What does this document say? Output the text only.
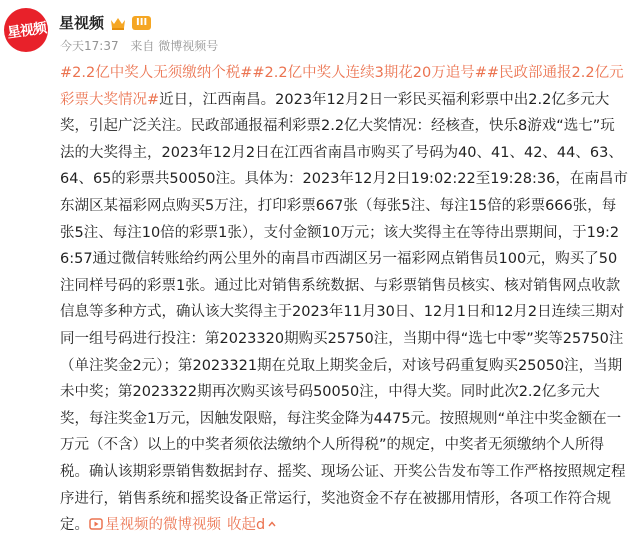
星视频 星视频	III
今天17:37 来自 微博视频号
#2.2亿中奖人无须缴纳个税##2.2亿中奖人连续3期花20万追号##民政部通报2.2亿元彩票大奖情况#近日，江西南昌。2023年12月2日一彩民买福利彩票中出2.2亿多元大奖，引起广泛关注。民政部通报福利彩票2.2亿大奖情况：经核查，快乐8游戏“选七”玩法的大奖得主，2023年12月2日在江西省南昌市购买了号码为40、41、42、44、63、64、65的彩票共50050注。具体为：2023年12月2日19:02:22至19:28:36，在南昌市东湖区某福彩网点购买5万注，打印彩票667张（每张5注、每注15倍的彩票666张，每张5注、每注10倍的彩票1张），支付金额10万元；该大奖得主在等待出票期间，于19:26:57通过微信转账给约两公里外的南昌市西湖区另一福彩网点销售员100元，购买了50注同样号码的彩票1张。通过比对销售系统数据、与彩票销售员核实、核对销售网点收款信息等多种方式，确认该大奖得主于2023年11月30日、12月1日和12月2日连续三期对同一组号码进行投注：第2023320期购买25750注，当期中得“选七中零”奖等25750注（单注奖金2元）；第2023321期在兑取上期奖金后，对该号码重复购买25050注，当期未中奖；第2023322期再次购买该号码50050注，中得大奖。同时此次2.2亿多元大奖，每注奖金1万元，因触发限赔，每注奖金降为4475元。按照规则“单注中奖金额在一万元（不含）以上的中奖者须依法缴纳个人所得税”的规定，中奖者无须缴纳个人所得税。确认该期彩票销售数据封存、摇奖、现场公证、开奖公告发布等工作严格按照规定程序进行，销售系统和摇奖设备正常运行，奖池资金不存在被挪用情形，各项工作符合规定。 星视频的微博视频 收起d
